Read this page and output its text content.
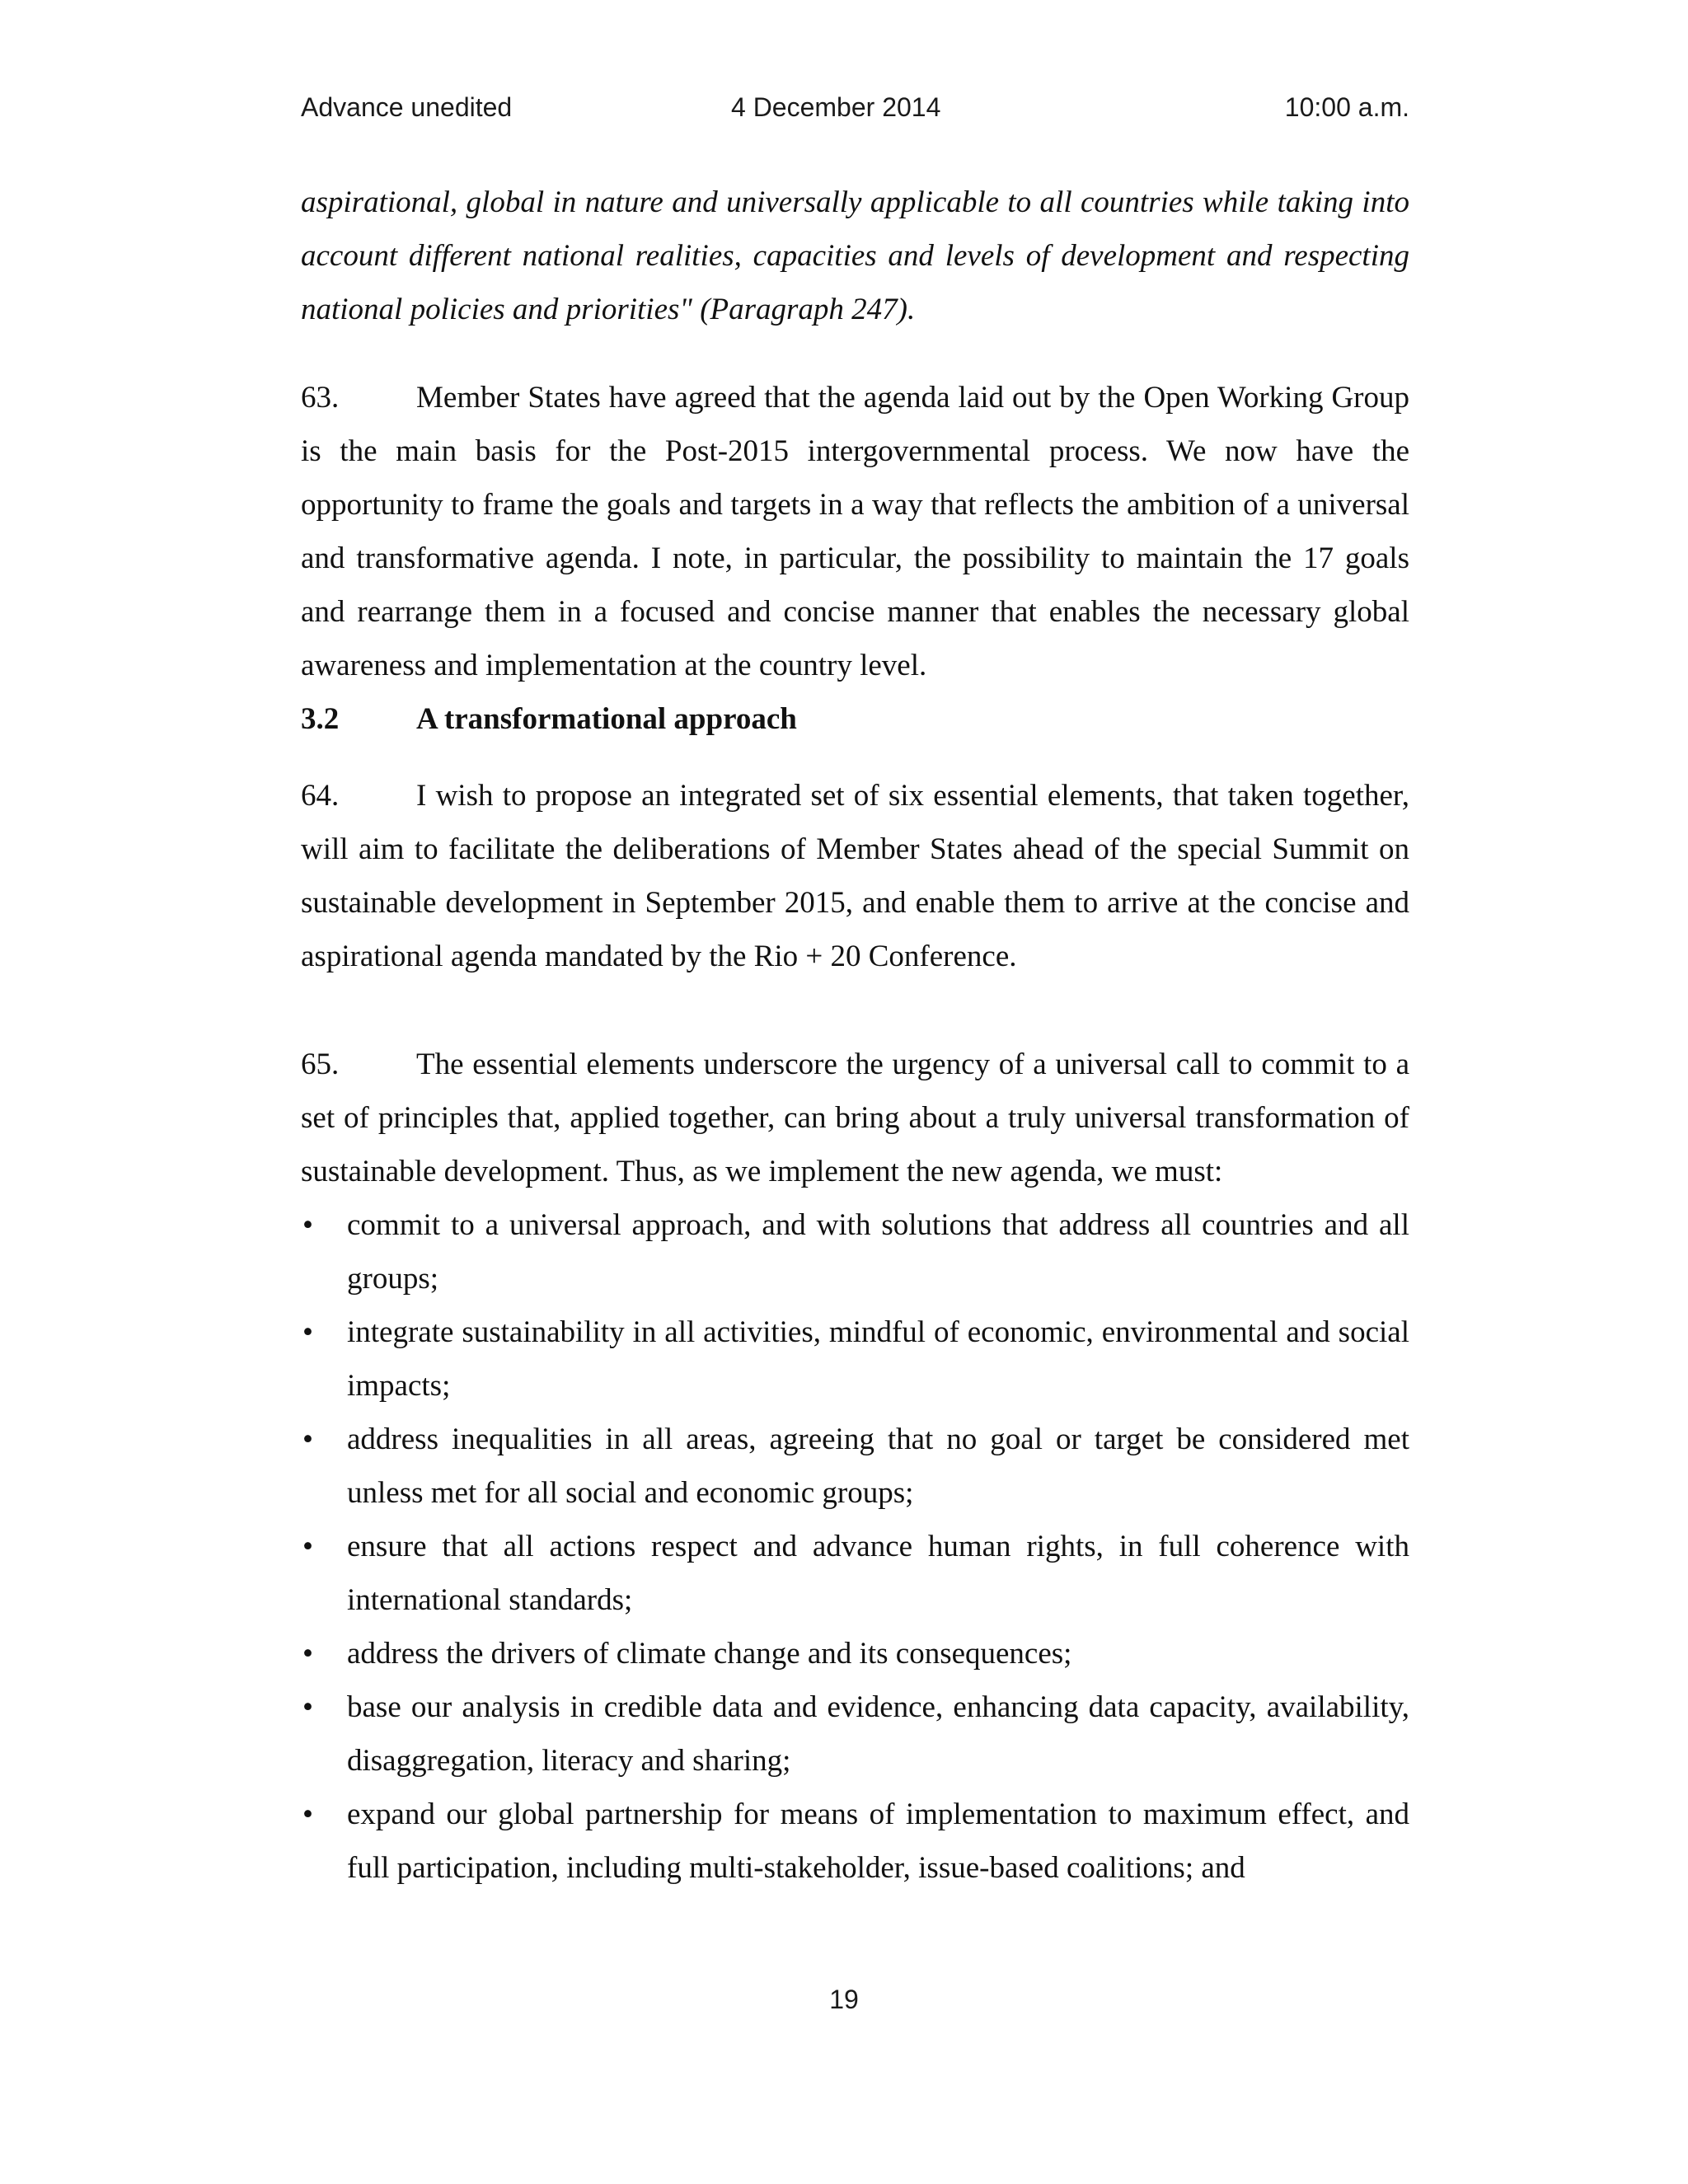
Advance unedited	4 December 2014	10:00 a.m.

aspirational, global in nature and universally applicable to all countries while taking into account different national realities, capacities and levels of development and respecting national policies and priorities" (Paragraph 247).

63.	Member States have agreed that the agenda laid out by the Open Working Group is the main basis for the Post-2015 intergovernmental process. We now have the opportunity to frame the goals and targets in a way that reflects the ambition of a universal and transformative agenda. I note, in particular, the possibility to maintain the 17 goals and rearrange them in a focused and concise manner that enables the necessary global awareness and implementation at the country level.

3.2	A transformational approach

64.	I wish to propose an integrated set of six essential elements, that taken together, will aim to facilitate the deliberations of Member States ahead of the special Summit on sustainable development in September 2015, and enable them to arrive at the concise and aspirational agenda mandated by the Rio + 20 Conference.

65.	The essential elements underscore the urgency of a universal call to commit to a set of principles that, applied together, can bring about a truly universal transformation of sustainable development. Thus, as we implement the new agenda, we must:

• commit to a universal approach, and with solutions that address all countries and all groups;
• integrate sustainability in all activities, mindful of economic, environmental and social impacts;
• address inequalities in all areas, agreeing that no goal or target be considered met unless met for all social and economic groups;
• ensure that all actions respect and advance human rights, in full coherence with international standards;
• address the drivers of climate change and its consequences;
• base our analysis in credible data and evidence, enhancing data capacity, availability, disaggregation, literacy and sharing;
• expand our global partnership for means of implementation to maximum effect, and full participation, including multi-stakeholder, issue-based coalitions; and
19
